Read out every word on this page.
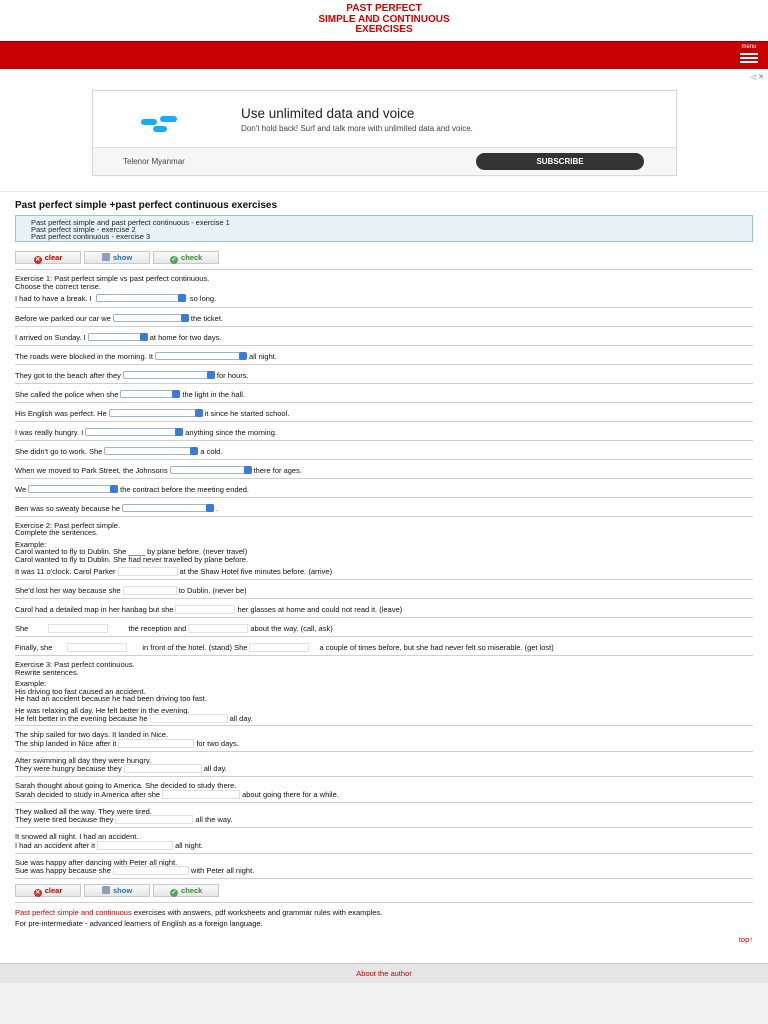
PAST PERFECT
SIMPLE AND CONTINUOUS
EXERCISES
menu
◁ ✕
Use unlimited data and voice
Don't hold back! Surf and talk more with unlimited data and voice.
Telenor Myanmar	SUBSCRIBE
Past perfect simple +past perfect continuous exercises
Past perfect simple and past perfect continuous - exercise 1
Past perfect simple - exercise 2
Past perfect continuous - exercise 3
✕ clear	show	✓ check
Exercise 1: Past perfect simple vs past perfect continuous.
Choose the correct tense.
I had to have a break. I	so long.
Before we parked our car we	the ticket.
I arrived on Sunday. I	at home for two days.
The roads were blocked in the morning. It	all night.
They got to the beach after they	for hours.
She called the police when she	the light in the hall.
His English was perfect. He	it since he started school.
I was really hungry. I	anything since the morning.
She didn't go to work. She	a cold.
When we moved to Park Street, the Johnsons	there for ages.
We	the contract before the meeting ended.
Ben was so sweaty because he	.
Exercise 2: Past perfect simple.
Complete the sentences.
Example:
Carol wanted to fly to Dublin. She ____ by plane before. (never travel)
Carol wanted to fly to Dublin. She had never travelled by plane before.
It was 11 o'clock. Carol Parker	at the Shaw Hotel five minutes before. (arrive)
She'd lost her way because she	to Dublin. (never be)
Carol had a detailed map in her hanbag but she	her glasses at home and could not read it. (leave)
She	the reception and	about the way. (call, ask)
Finally, she	in front of the hotel. (stand) She	a couple of times before, but she had never felt so miserable. (get lost)
Exercise 3: Past perfect continuous.
Rewrite sentences.
Example:
His driving too fast caused an accident.
He had an accident because he had been driving too fast.
He was relaxing all day. He felt better in the evening.
He felt better in the evening because he	all day.
The ship sailed for two days. It landed in Nice.
The ship landed in Nice after it	for two days.
After swimming all day they were hungry.
They were hungry because they	all day.
Sarah thought about going to America. She decided to study there.
Sarah decided to study in America after she	about going there for a while.
They walked all the way. They were tired.
They were tired because they	all the way.
It snowed all night. I had an accident.
I had an accident after it	all night.
Sue was happy after dancing with Peter all night.
Sue was happy because she	with Peter all night.
✕ clear	show	✓ check
Past perfect simple and continuous exercises with answers, pdf worksheets and grammar rules with examples.
For pre-intermediate - advanced learners of English as a foreign language.
top↑
About the author
